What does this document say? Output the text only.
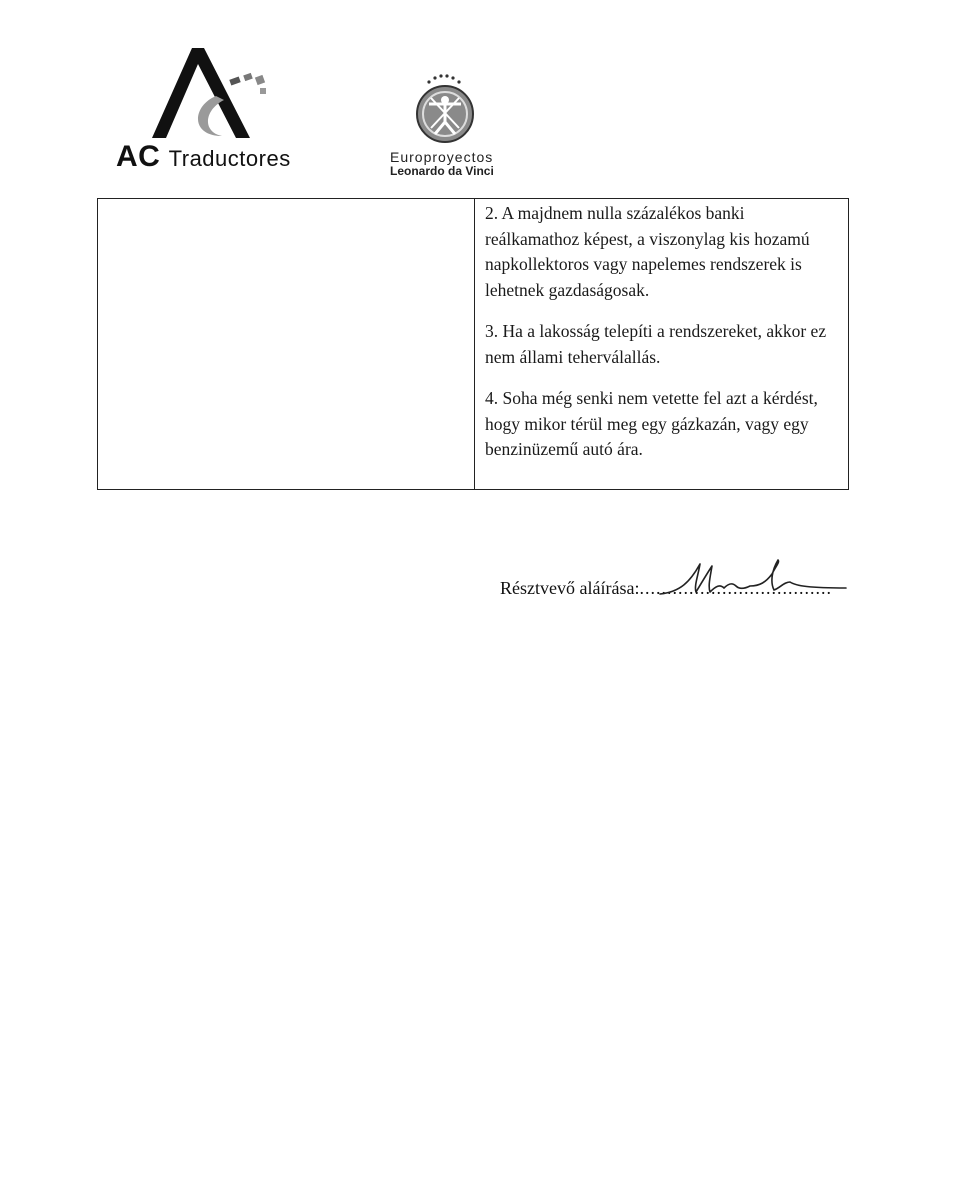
AC Traductores	Europroyectos
Leonardo da Vinci

2. A majdnem nulla százalékos banki reálkamathoz képest, a viszonylag kis hozamú napkollektoros vagy napelemes rendszerek is lehetnek gazdaságosak.

3. Ha a lakosság telepíti a rendszereket, akkor ez nem állami teherválallás.

4. Soha még senki nem vetette fel azt a kérdést, hogy mikor térül meg egy gázkazán, vagy egy benzinüzemű autó ára.

Résztvevő aláírása:...................................
